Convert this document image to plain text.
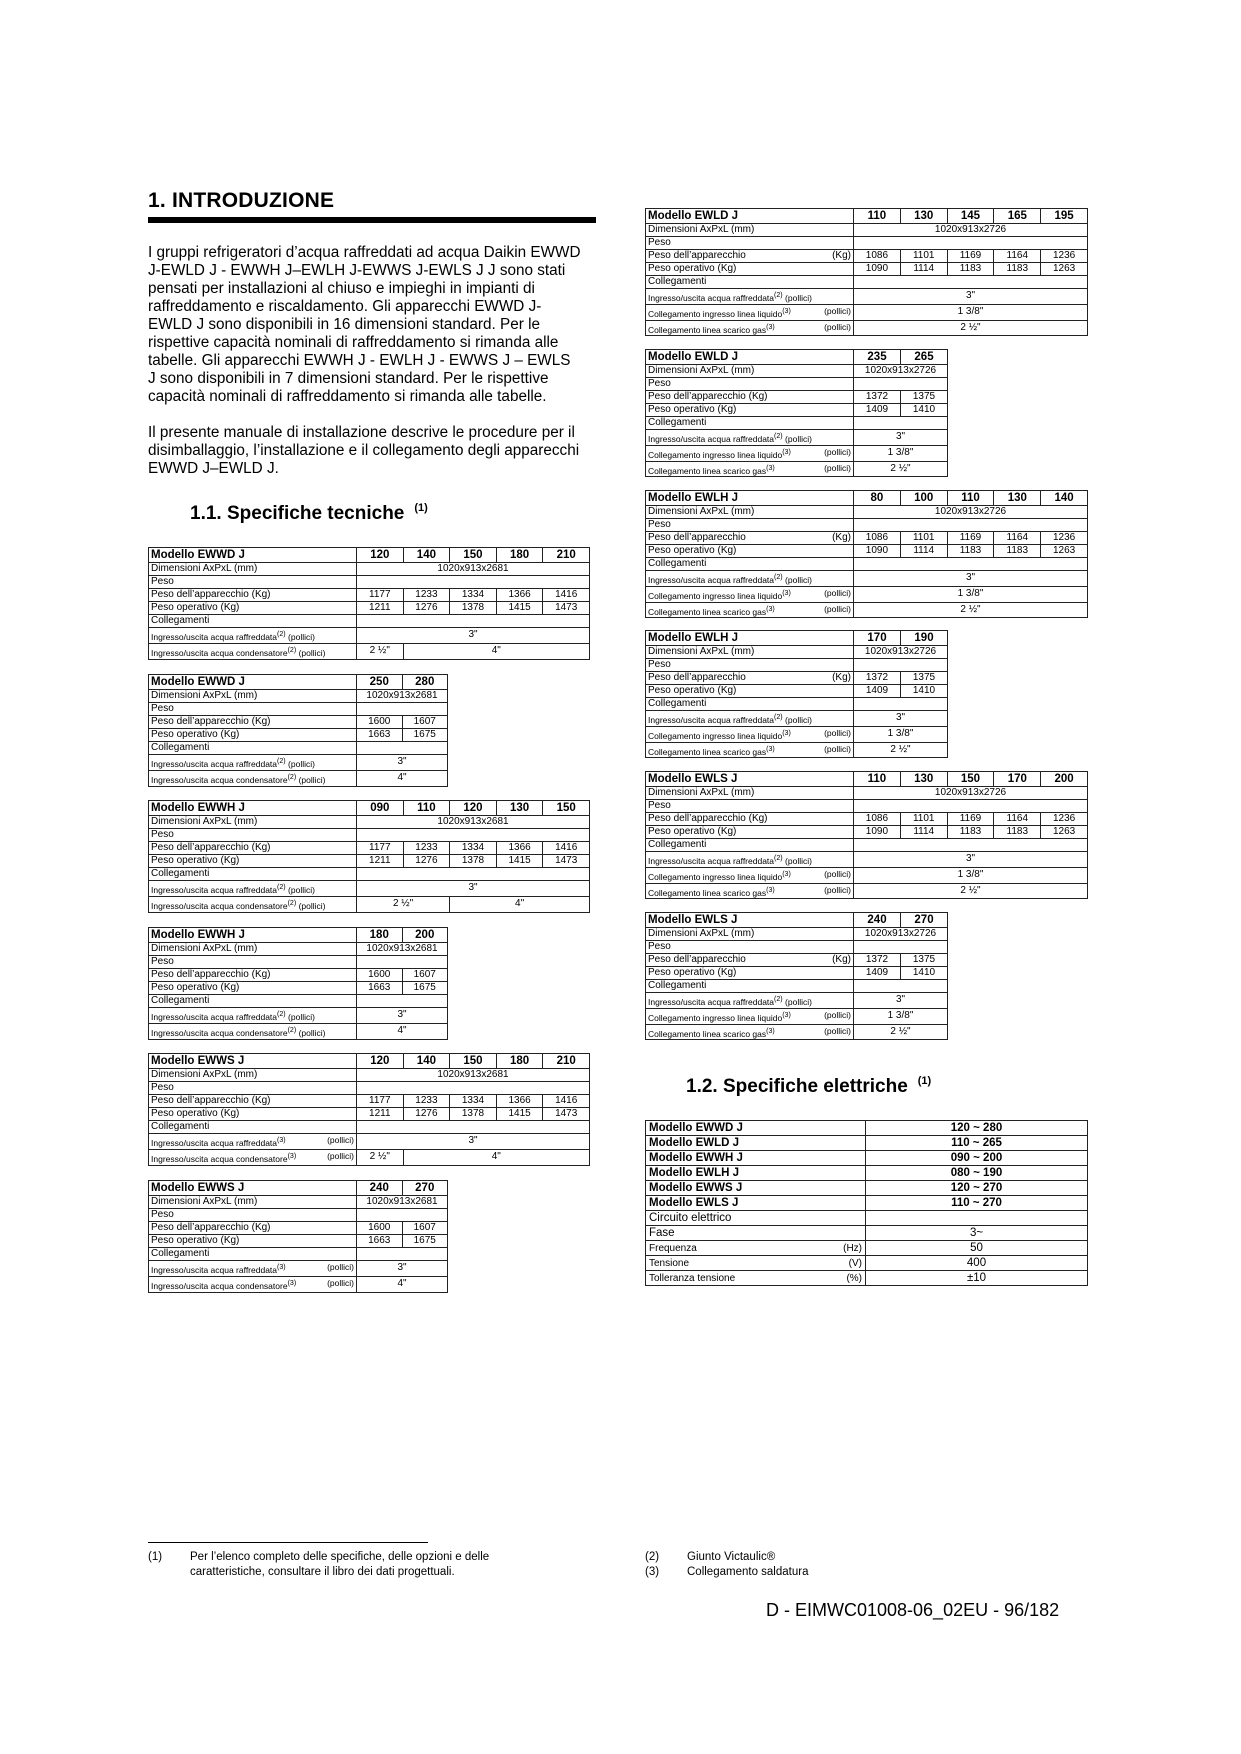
1. INTRODUZIONE
I gruppi refrigeratori d’acqua raffreddati ad acqua Daikin EWWD
J-EWLD J - EWWH J–EWLH J-EWWS J-EWLS J J sono stati
pensati per installazioni al chiuso e impieghi in impianti di
raffreddamento e riscaldamento. Gli apparecchi EWWD J-
EWLD J sono disponibili in 16 dimensioni standard. Per le
rispettive capacità nominali di raffreddamento si rimanda alle
tabelle. Gli apparecchi EWWH J - EWLH J - EWWS J – EWLS
J sono disponibili in 7 dimensioni standard. Per le rispettive
capacità nominali di raffreddamento si rimanda alle tabelle.
Il presente manuale di installazione descrive le procedure per il
disimballaggio, l’installazione e il collegamento degli apparecchi
EWWD J–EWLD J.
1.1. Specifiche tecniche $^{(1)}$
Modello EWWD J	120	140	150	180	210
Dimensioni AxPxL (mm)	1020x913x2681				
Peso					
Peso dell’apparecchio (Kg)	1177	1233	1334	1366	1416
Peso operativo (Kg)	1211	1276	1378	1415	1473
Collegamenti					
Ingresso/uscita acqua raffreddata$^{(2)}$ (pollici)	3"				
Ingresso/uscita acqua condensatore$^{(2)}$ (pollici)	2 ½"	4"			
Modello EWWD J	250	280
Dimensioni AxPxL (mm)	1020x913x2681	
Peso		
Peso dell’apparecchio (Kg)	1600	1607
Peso operativo (Kg)	1663	1675
Collegamenti		
Ingresso/uscita acqua raffreddata$^{(2)}$ (pollici)	3"	
Ingresso/uscita acqua condensatore$^{(2)}$ (pollici)	4"	
Modello EWWH J	090	110	120	130	150
Dimensioni AxPxL (mm)	1020x913x2681				
Peso					
Peso dell’apparecchio (Kg)	1177	1233	1334	1366	1416
Peso operativo (Kg)	1211	1276	1378	1415	1473
Collegamenti					
Ingresso/uscita acqua raffreddata$^{(2)}$ (pollici)	3"				
Ingresso/uscita acqua condensatore$^{(2)}$ (pollici)	2 ½"		4"		
Modello EWWH J	180	200
Dimensioni AxPxL (mm)	1020x913x2681	
Peso		
Peso dell’apparecchio (Kg)	1600	1607
Peso operativo (Kg)	1663	1675
Collegamenti		
Ingresso/uscita acqua raffreddata$^{(2)}$ (pollici)	3"	
Ingresso/uscita acqua condensatore$^{(2)}$ (pollici)	4"	
Modello EWWS J	120	140	150	180	210
Dimensioni AxPxL (mm)	1020x913x2681				
Peso					
Peso dell’apparecchio (Kg)	1177	1233	1334	1366	1416
Peso operativo (Kg)	1211	1276	1378	1415	1473
Collegamenti					

Ingresso/uscita acqua raffreddata$^{(3)}$ (pollici)	3"				

Ingresso/uscita acqua condensatore$^{(3)}$ (pollici)	2 ½"	4"			
Modello EWWS J	240	270
Dimensioni AxPxL (mm)	1020x913x2681	
Peso		
Peso dell’apparecchio (Kg)	1600	1607
Peso operativo (Kg)	1663	1675
Collegamenti		

Ingresso/uscita acqua raffreddata$^{(3)}$ (pollici)	3"	

Ingresso/uscita acqua condensatore$^{(3)}$ (pollici)	4"	
Modello EWLD J	110	130	145	165	195
Dimensioni AxPxL (mm)	1020x913x2726				
Peso					

Peso dell’apparecchio (Kg)	1086	1101	1169	1164	1236
Peso operativo (Kg)	1090	1114	1183	1183	1263
Collegamenti					
Ingresso/uscita acqua raffreddata$^{(2)}$ (pollici)	3"				

Collegamento ingresso linea liquido$^{(3)}$ (pollici)	1 3/8"				

Collegamento linea scarico gas$^{(3)}$ (pollici)	2 ½"				
Modello EWLD J	235	265
Dimensioni AxPxL (mm)	1020x913x2726	
Peso		
Peso dell’apparecchio (Kg)	1372	1375
Peso operativo (Kg)	1409	1410
Collegamenti		
Ingresso/uscita acqua raffreddata$^{(2)}$ (pollici)	3"	

Collegamento ingresso linea liquido$^{(3)}$ (pollici)	1 3/8"	

Collegamento linea scarico gas$^{(3)}$ (pollici)	2 ½"	
Modello EWLH J	80	100	110	130	140
Dimensioni AxPxL (mm)	1020x913x2726				
Peso					

Peso dell’apparecchio (Kg)	1086	1101	1169	1164	1236
Peso operativo (Kg)	1090	1114	1183	1183	1263
Collegamenti					
Ingresso/uscita acqua raffreddata$^{(2)}$ (pollici)	3"				

Collegamento ingresso linea liquido$^{(3)}$ (pollici)	1 3/8"				

Collegamento linea scarico gas$^{(3)}$ (pollici)	2 ½"				
Modello EWLH J	170	190
Dimensioni AxPxL (mm)	1020x913x2726	
Peso		

Peso dell’apparecchio (Kg)	1372	1375
Peso operativo (Kg)	1409	1410
Collegamenti		
Ingresso/uscita acqua raffreddata$^{(2)}$ (pollici)	3"	

Collegamento ingresso linea liquido$^{(3)}$ (pollici)	1 3/8"	

Collegamento linea scarico gas$^{(3)}$ (pollici)	2 ½"	
Modello EWLS J	110	130	150	170	200
Dimensioni AxPxL (mm)	1020x913x2726				
Peso					
Peso dell’apparecchio (Kg)	1086	1101	1169	1164	1236
Peso operativo (Kg)	1090	1114	1183	1183	1263
Collegamenti					
Ingresso/uscita acqua raffreddata$^{(2)}$ (pollici)	3"				

Collegamento ingresso linea liquido$^{(3)}$ (pollici)	1 3/8"				

Collegamento linea scarico gas$^{(3)}$ (pollici)	2 ½"				
Modello EWLS J	240	270
Dimensioni AxPxL (mm)	1020x913x2726	
Peso		

Peso dell’apparecchio (Kg)	1372	1375
Peso operativo (Kg)	1409	1410
Collegamenti		
Ingresso/uscita acqua raffreddata$^{(2)}$ (pollici)	3"	

Collegamento ingresso linea liquido$^{(3)}$ (pollici)	1 3/8"	

Collegamento linea scarico gas$^{(3)}$ (pollici)	2 ½"	
1.2. Specifiche elettriche $^{(1)}$
Modello EWWD J	120 ~ 280
Modello EWLD J	110 ~ 265
Modello EWWH J	090 ~ 200
Modello EWLH J	080 ~ 190
Modello EWWS J	120 ~ 270
Modello EWLS J	110 ~ 270
Circuito elettrico	
Fase	3~

Frequenza (Hz)	50

Tensione (V)	400

Tolleranza tensione (%)	±10
(1) Per l’elenco completo delle specifiche, delle opzioni e delle
caratteristiche, consultare il libro dei dati progettuali.
(2) Giunto Victaulic®
(3) Collegamento saldatura
D - EIMWC01008-06_02EU - 96/182
